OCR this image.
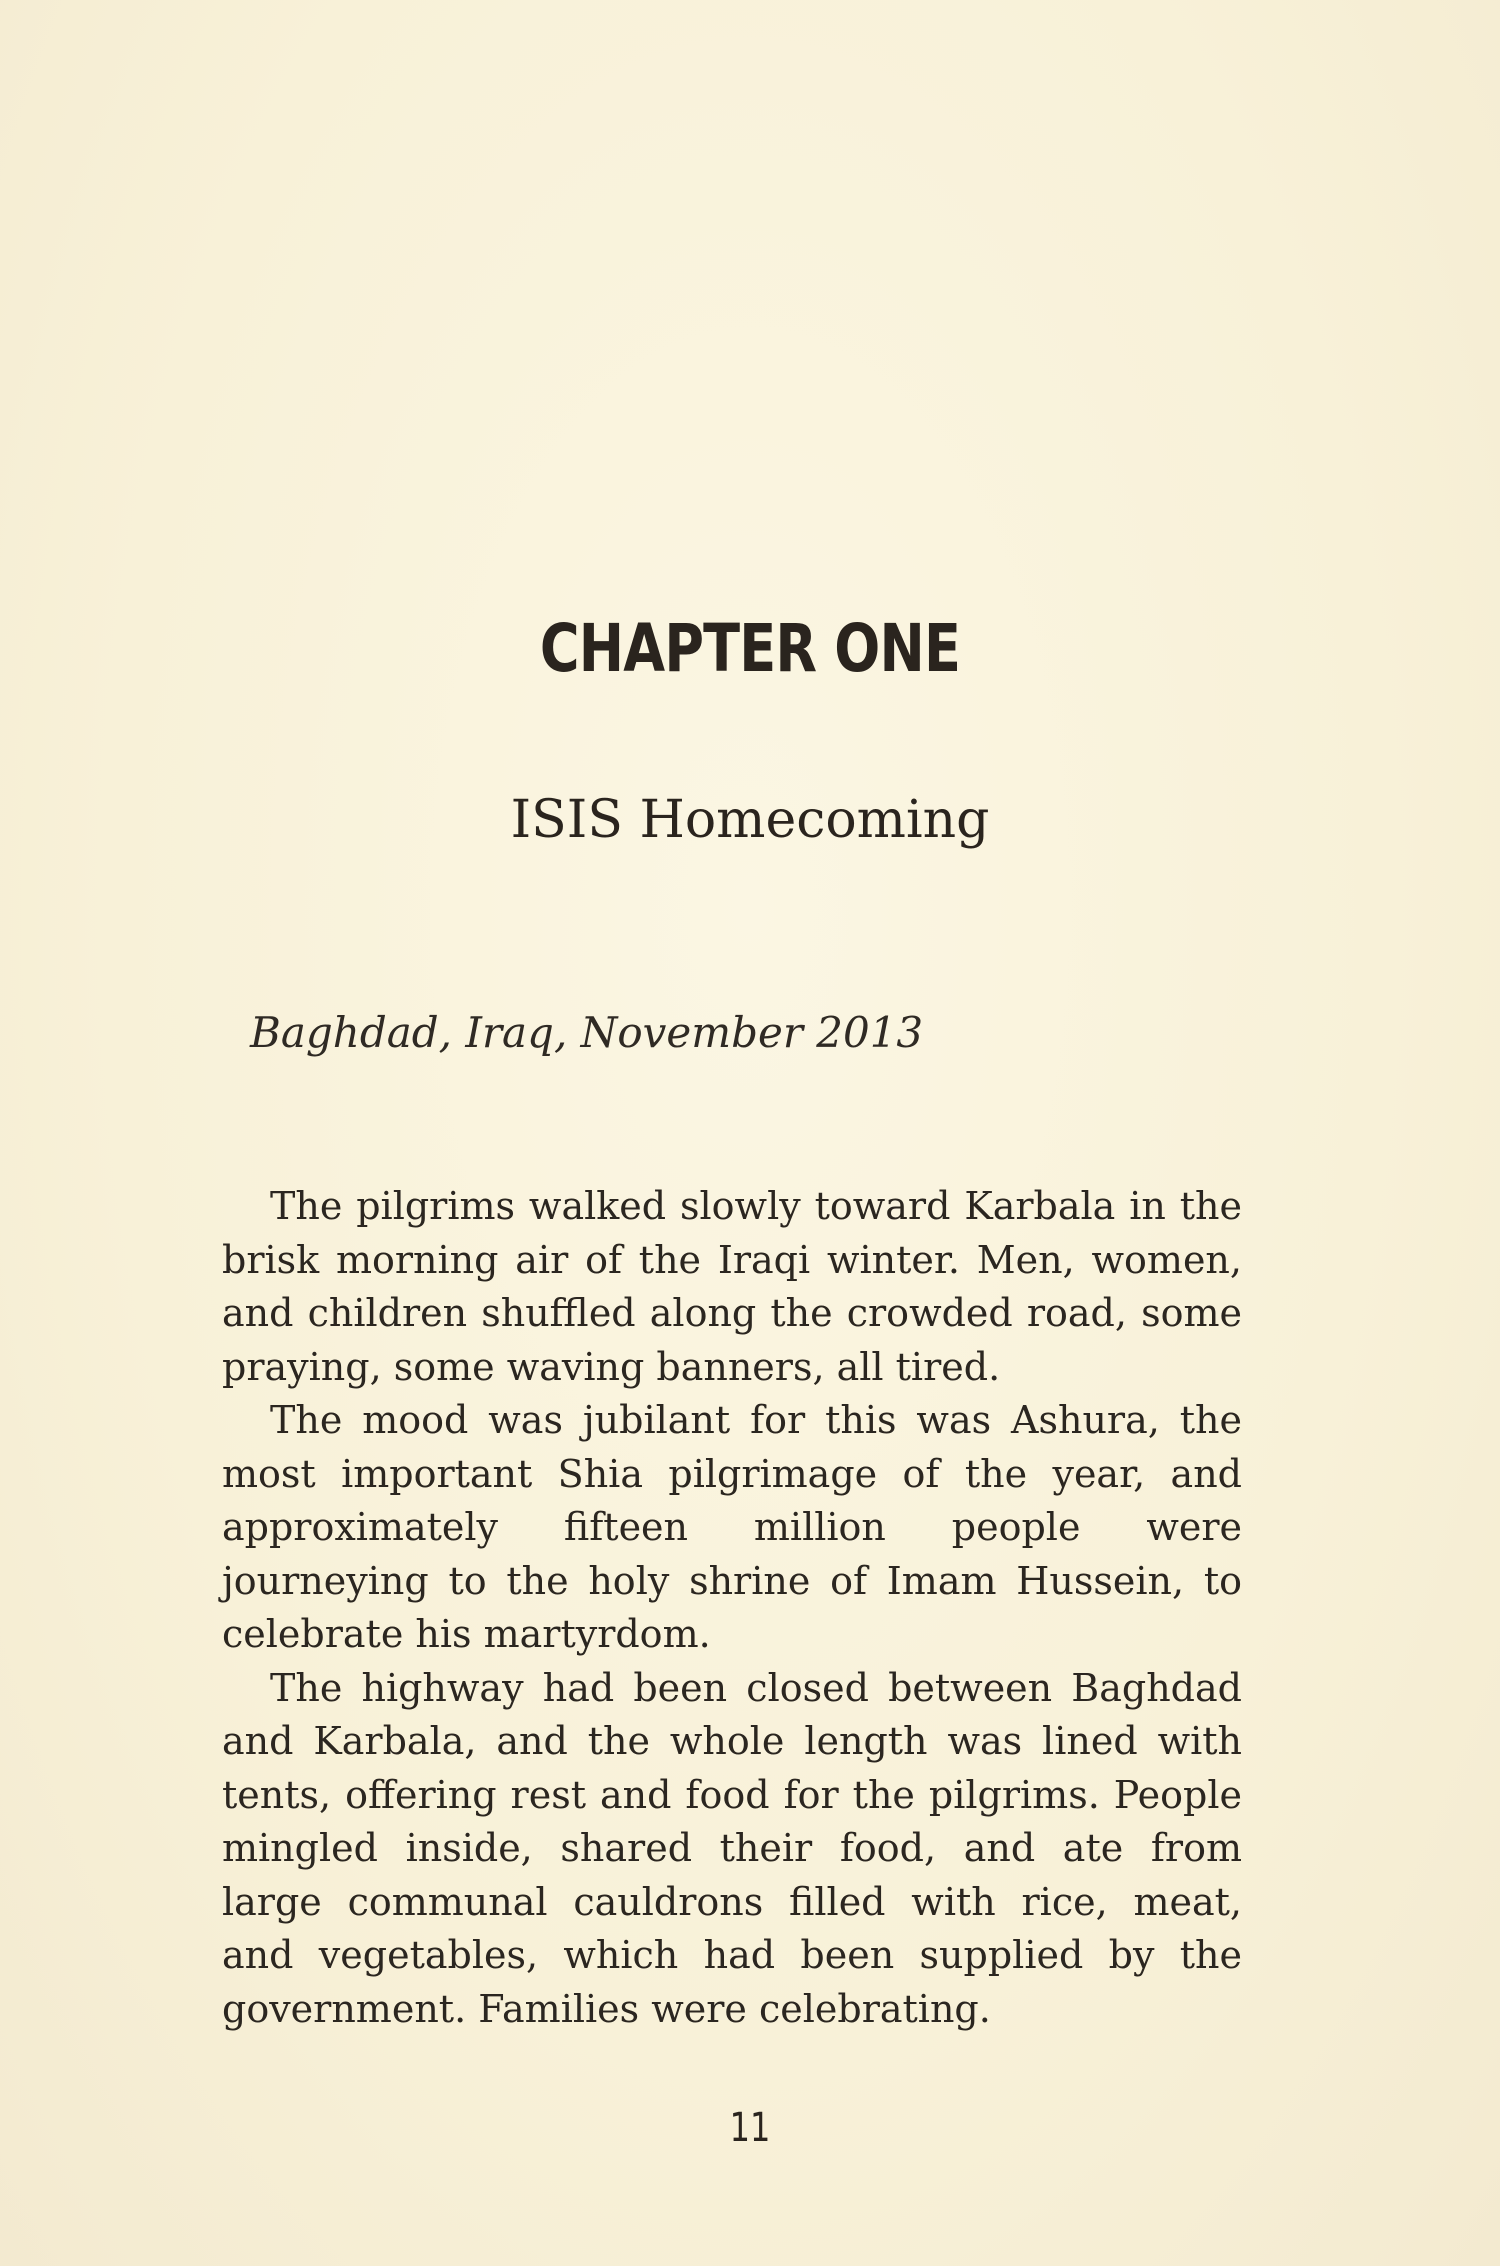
CHAPTER ONE
ISIS Homecoming

Baghdad, Iraq, November 2013

The pilgrims walked slowly toward Karbala in the brisk morning air of the Iraqi winter. Men, women, and children shuffled along the crowded road, some praying, some waving banners, all tired.

The mood was jubilant for this was Ashura, the most important Shia pilgrimage of the year, and approximately fifteen million people were journeying to the holy shrine of Imam Hussein, to celebrate his martyrdom.

The highway had been closed between Baghdad and Karbala, and the whole length was lined with tents, offering rest and food for the pilgrims. People mingled inside, shared their food, and ate from large communal cauldrons filled with rice, meat, and vegetables, which had been supplied by the government. Families were celebrating.

11
